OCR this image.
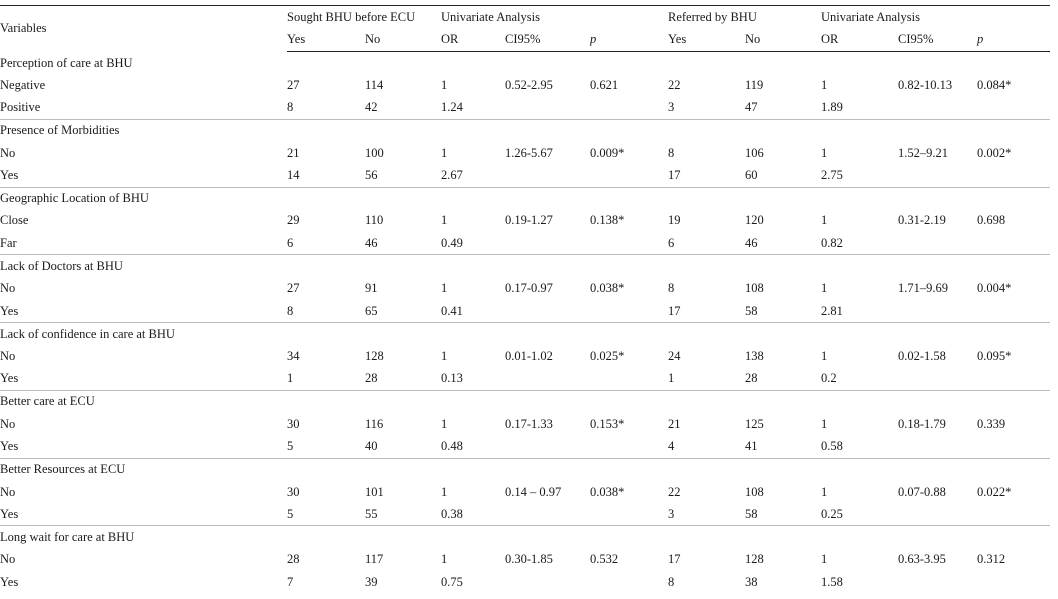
Variables	Sought BHU before ECU		Univariate Analysis			Referred by BHU		Univariate Analysis		
	Yes	No	OR	CI95%	p	Yes	No	OR	CI95%	p
Perception of care at BHU										
Negative	27	114	1	0.52-2.95	0.621	22	119	1	0.82-10.13	0.084*
Positive	8	42	1.24			3	47	1.89		
Presence of Morbidities										
No	21	100	1	1.26-5.67	0.009*	8	106	1	1.52–9.21	0.002*
Yes	14	56	2.67			17	60	2.75		
Geographic Location of BHU										
Close	29	110	1	0.19-1.27	0.138*	19	120	1	0.31-2.19	0.698
Far	6	46	0.49			6	46	0.82		
Lack of Doctors at BHU										
No	27	91	1	0.17-0.97	0.038*	8	108	1	1.71–9.69	0.004*
Yes	8	65	0.41			17	58	2.81		
Lack of confidence in care at BHU										
No	34	128	1	0.01-1.02	0.025*	24	138	1	0.02-1.58	0.095*
Yes	1	28	0.13			1	28	0.2		
Better care at ECU										
No	30	116	1	0.17-1.33	0.153*	21	125	1	0.18-1.79	0.339
Yes	5	40	0.48			4	41	0.58		
Better Resources at ECU										
No	30	101	1	0.14 – 0.97	0.038*	22	108	1	0.07-0.88	0.022*
Yes	5	55	0.38			3	58	0.25		
Long wait for care at BHU										
No	28	117	1	0.30-1.85	0.532	17	128	1	0.63-3.95	0.312
Yes	7	39	0.75			8	38	1.58		
